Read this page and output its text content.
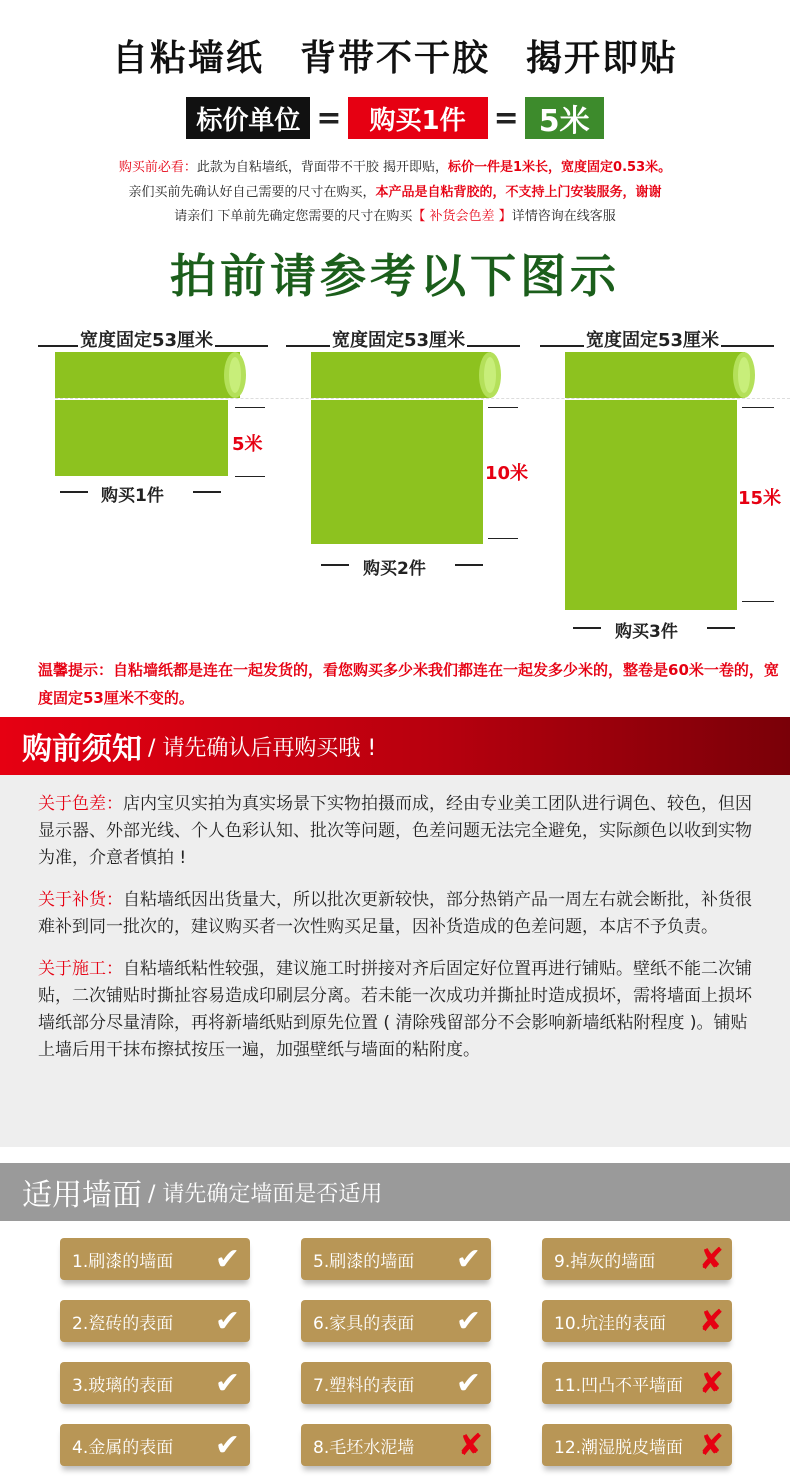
自粘墙纸 背带不干胶 揭开即贴
标价单位 =	购买1件 = 5米
购买前必看：此款为自粘墙纸，背面带不干胶 揭开即贴，标价一件是1米长，宽度固定0.53米。
亲们买前先确认好自己需要的尺寸在购买，本产品是自粘背胶的，不支持上门安装服务，谢谢
请亲们 下单前先确定您需要的尺寸在购买【 补货会色差 】详情咨询在线客服
拍前请参考以下图示
宽度固定53厘米
5米
购买1件
宽度固定53厘米
10米
购买2件
宽度固定53厘米
15米
购买3件
温馨提示：自粘墙纸都是连在一起发货的，看您购买多少米我们都连在一起发多少米的，整卷是60米一卷的，宽度固定53厘米不变的。
购前须知 / 请先确认后再购买哦 !

关于色差：店内宝贝实拍为真实场景下实物拍摄而成，经由专业美工团队进行调色、较色，但因显示器、外部光线、个人色彩认知、批次等问题，色差问题无法完全避免，实际颜色以收到实物为准，介意者慎拍 !

关于补货：自粘墙纸因出货量大，所以批次更新较快，部分热销产品一周左右就会断批，补货很难补到同一批次的，建议购买者一次性购买足量，因补货造成的色差问题，本店不予负责。

关于施工：自粘墙纸粘性较强，建议施工时拼接对齐后固定好位置再进行铺贴。壁纸不能二次铺贴，二次铺贴时撕扯容易造成印刷层分离。若未能一次成功并撕扯时造成损坏，需将墙面上损坏墙纸部分尽量清除，再将新墙纸贴到原先位置 ( 清除残留部分不会影响新墙纸粘附程度 )。铺贴上墙后用干抹布擦拭按压一遍，加强壁纸与墙面的粘附度。

适用墙面 / 请先确定墙面是否适用
1.刷漆的墙面	✔	5.刷漆的墙面	✔	9.掉灰的墙面	✘
2.瓷砖的表面	✔	6.家具的表面	✔	10.坑洼的表面	✘
3.玻璃的表面	✔	7.塑料的表面	✔	11.凹凸不平墙面 ✘
4.金属的表面	✔	8.毛坯水泥墙	✘	12.潮湿脱皮墙面 ✘
